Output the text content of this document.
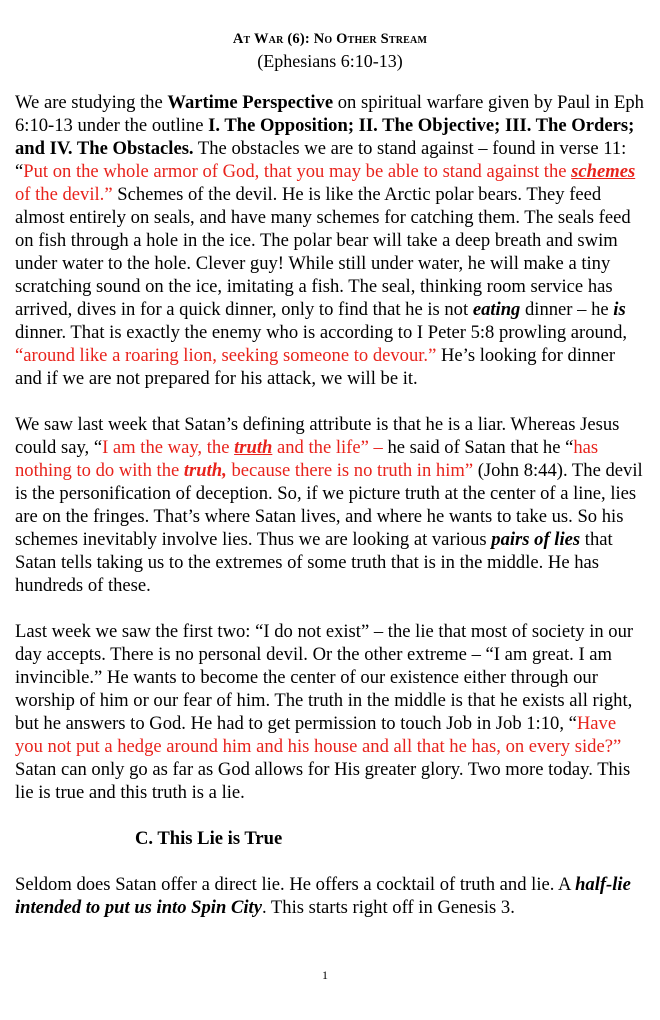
At War (6): No Other Stream
(Ephesians 6:10-13)

We are studying the Wartime Perspective on spiritual warfare given by Paul in Eph 6:10-13 under the outline I. The Opposition; II. The Objective; III. The Orders; and IV. The Obstacles. The obstacles we are to stand against – found in verse 11: “Put on the whole armor of God, that you may be able to stand against the schemes of the devil.” Schemes of the devil. He is like the Arctic polar bears. They feed almost entirely on seals, and have many schemes for catching them. The seals feed on fish through a hole in the ice. The polar bear will take a deep breath and swim under water to the hole. Clever guy! While still under water, he will make a tiny scratching sound on the ice, imitating a fish. The seal, thinking room service has arrived, dives in for a quick dinner, only to find that he is not eating dinner – he is dinner. That is exactly the enemy who is according to I Peter 5:8 prowling around, “around like a roaring lion, seeking someone to devour.” He’s looking for dinner and if we are not prepared for his attack, we will be it.

We saw last week that Satan’s defining attribute is that he is a liar. Whereas Jesus could say, “I am the way, the truth and the life” – he said of Satan that he “has nothing to do with the truth, because there is no truth in him” (John 8:44). The devil is the personification of deception. So, if we picture truth at the center of a line, lies are on the fringes. That’s where Satan lives, and where he wants to take us. So his schemes inevitably involve lies. Thus we are looking at various pairs of lies that Satan tells taking us to the extremes of some truth that is in the middle. He has hundreds of these.

Last week we saw the first two: “I do not exist” – the lie that most of society in our day accepts. There is no personal devil. Or the other extreme – “I am great. I am invincible.” He wants to become the center of our existence either through our worship of him or our fear of him. The truth in the middle is that he exists all right, but he answers to God. He had to get permission to touch Job in Job 1:10, “Have you not put a hedge around him and his house and all that he has, on every side?” Satan can only go as far as God allows for His greater glory. Two more today. This lie is true and this truth is a lie.

C. This Lie is True

Seldom does Satan offer a direct lie. He offers a cocktail of truth and lie. A half-lie intended to put us into Spin City. This starts right off in Genesis 3.

1
